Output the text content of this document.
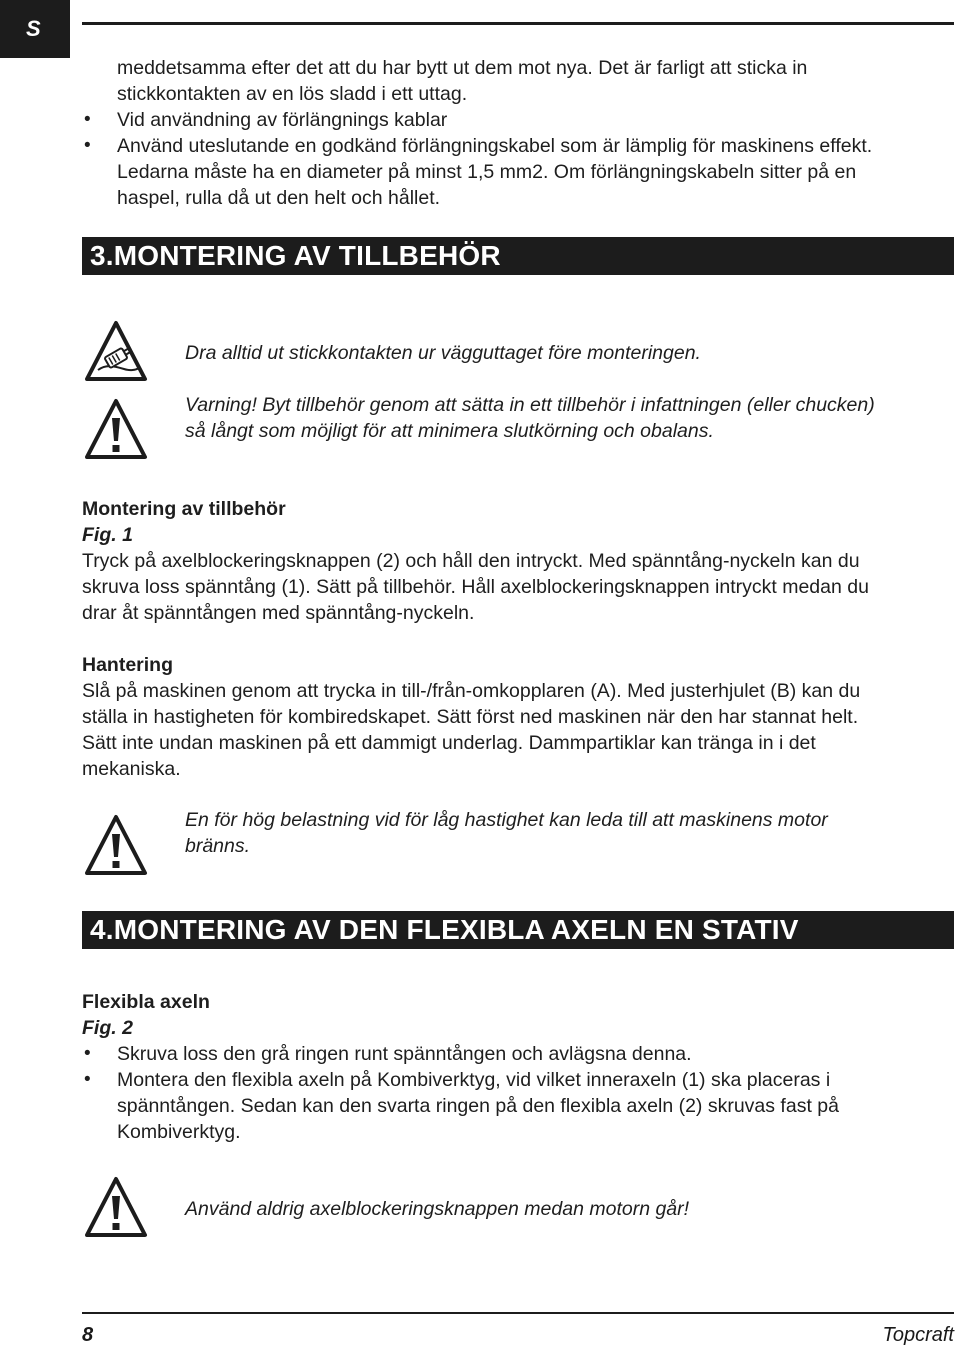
S
meddetsamma efter det att du har bytt ut dem mot nya. Det är farligt att sticka in
stickkontakten av en lös sladd i ett uttag.
• Vid användning av förlängnings kablar
• Använd uteslutande en godkänd förlängningskabel som är lämplig för maskinens effekt.
Ledarna måste ha en diameter på minst 1,5 mm2. Om förlängningskabeln sitter på en
haspel, rulla då ut den helt och hållet.
3.MONTERING AV TILLBEHÖR
Dra alltid ut stickkontakten ur vägguttaget före monteringen.
Varning! Byt tillbehör genom att sätta in ett tillbehör i infattningen (eller chucken)
så långt som möjligt för att minimera slutkörning och obalans.
Montering av tillbehör
Fig. 1
Tryck på axelblockeringsknappen (2) och håll den intryckt. Med spänntång-nyckeln kan du
skruva loss spänntång (1). Sätt på tillbehör. Håll axelblockeringsknappen intryckt medan du
drar åt spänntången med spänntång-nyckeln.
Hantering
Slå på maskinen genom att trycka in till-/från-omkopplaren (A). Med justerhjulet (B) kan du
ställa in hastigheten för kombiredskapet. Sätt först ned maskinen när den har stannat helt.
Sätt inte undan maskinen på ett dammigt underlag. Dammpartiklar kan tränga in i det
mekaniska.
En för hög belastning vid för låg hastighet kan leda till att maskinens motor
bränns.
4.MONTERING AV DEN FLEXIBLA AXELN EN STATIV
Flexibla axeln
Fig. 2
• Skruva loss den grå ringen runt spänntången och avlägsna denna.
• Montera den flexibla axeln på Kombiverktyg, vid vilket inneraxeln (1) ska placeras i
spänntången. Sedan kan den svarta ringen på den flexibla axeln (2) skruvas fast på
Kombiverktyg.
Använd aldrig axelblockeringsknappen medan motorn går!
8	Topcraft
